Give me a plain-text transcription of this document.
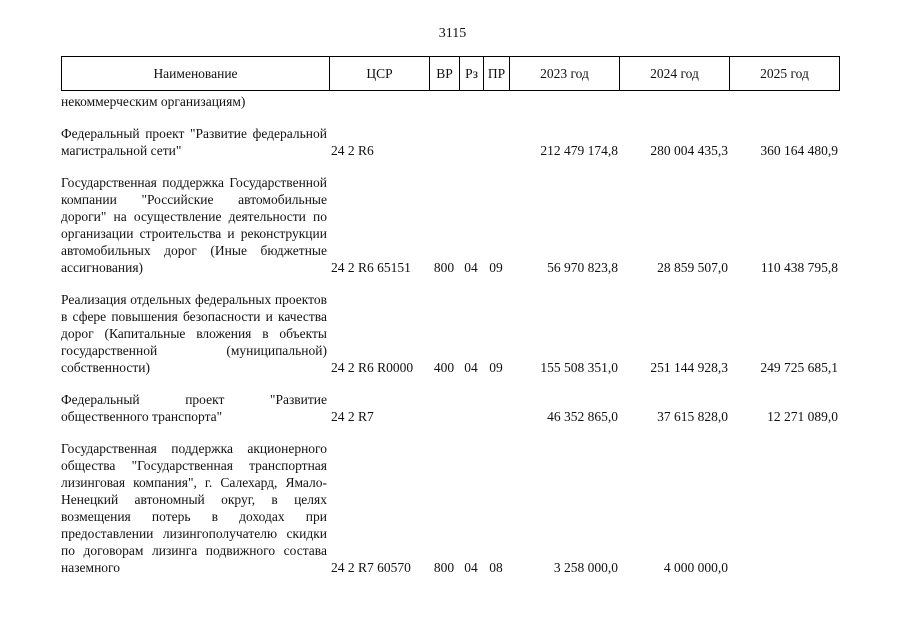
3115
Наименование	ЦСР	ВР	Рз	ПР	2023 год	2024 год	2025 год
некоммерческим организациям)							

Федеральный проект "Развитие федеральной магистральной сети"	24 2 R6				212 479 174,8	280 004 435,3	360 164 480,9

Государственная поддержка Государственной компании "Российские автомобильные дороги" на осуществление деятельности по организации строительства и реконструкции автомобильных дорог (Иные бюджетные ассигнования)	24 2 R6 65151	800	04	09	56 970 823,8	28 859 507,0	110 438 795,8

Реализация отдельных федеральных проектов в сфере повышения безопасности и качества дорог (Капитальные вложения в объекты государственной (муниципальной) собственности)	24 2 R6 R0000	400	04	09	155 508 351,0	251 144 928,3	249 725 685,1

Федеральный проект "Развитие общественного транспорта"	24 2 R7				46 352 865,0	37 615 828,0	12 271 089,0

Государственная поддержка акционерного общества "Государственная транспортная лизинговая компания", г. Салехард, Ямало-Ненецкий автономный округ, в целях возмещения потерь в доходах при предоставлении лизингополучателю скидки по договорам лизинга подвижного состава наземного	24 2 R7 60570	800	04	08	3 258 000,0	4 000 000,0	
